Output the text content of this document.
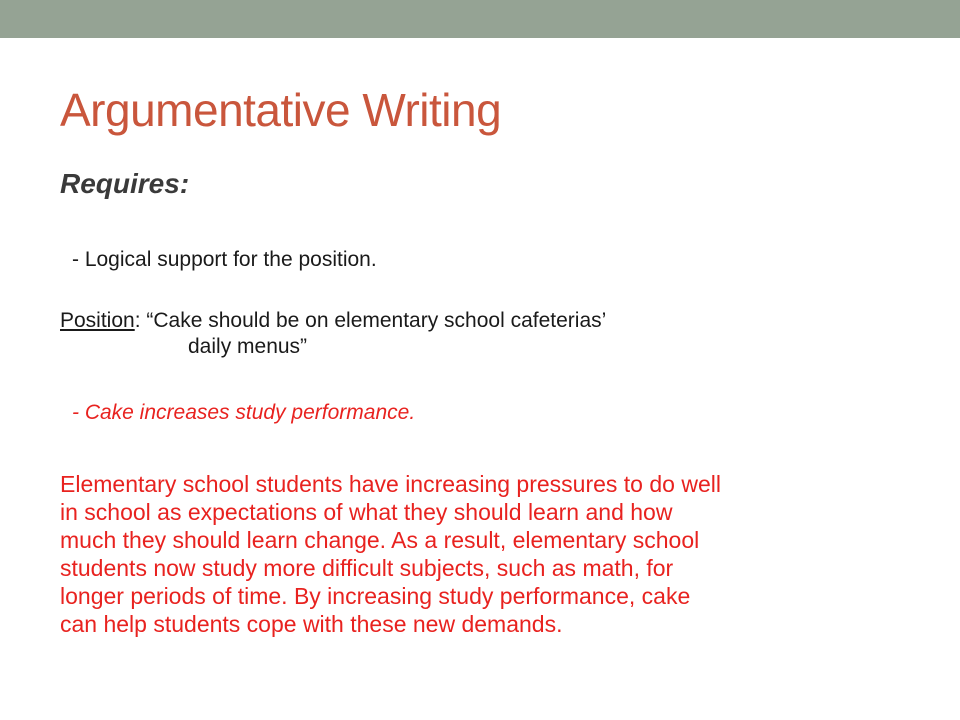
Argumentative Writing
Requires:
- Logical support for the position.
Position: “Cake should be on elementary school cafeterias’
daily menus”
- Cake increases study performance.

Elementary school students have increasing pressures to do well
in school as expectations of what they should learn and how
much they should learn change. As a result, elementary school
students now study more difficult subjects, such as math, for
longer periods of time. By increasing study performance, cake
can help students cope with these new demands.
